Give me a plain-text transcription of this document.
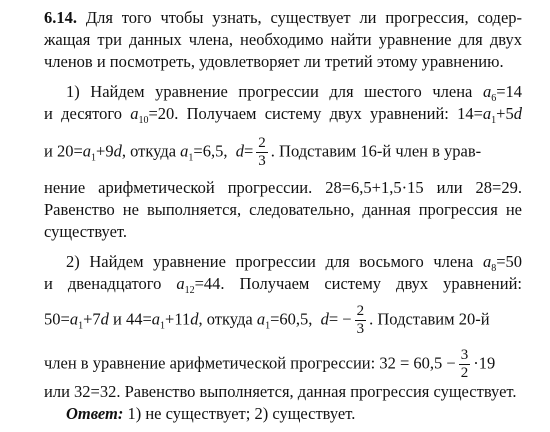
6.14. Для того чтобы узнать, существует ли прогрессия, содер-
жащая три данных члена, необходимо найти уравнение для двух
членов и посмотреть, удовлетворяет ли третий этому уравнению.
1) Найдем уравнение прогрессии для шестого члена $a_6=14$
и десятого $a_{10}=20$. Получаем систему двух уравнений: $14=a_1+5d$
и $20=a_1+9d$, откуда $a_1=6,5$, $d= \frac{2}{3}$ . Подставим 16-й член в урав-
нение арифметической прогрессии. 28=6,5+1,5·15 или 28=29.
Равенство не выполняется, следовательно, данная прогрессия не
существует.
2) Найдем уравнение прогрессии для восьмого члена $a_8=50$
и двенадцатого $a_{12}=44$. Получаем систему двух уравнений:
$50=a_1+7d$ и $44=a_1+11d$, откуда $a_1=60,5$, $d= - \frac{2}{3}$ . Подставим 20-й
член в уравнение арифметической прогрессии: $32 = 60,5 - \frac{3}{2} \cdot 19$
или 32=32. Равенство выполняется, данная прогрессия существует.
Ответ: 1) не существует; 2) существует.
